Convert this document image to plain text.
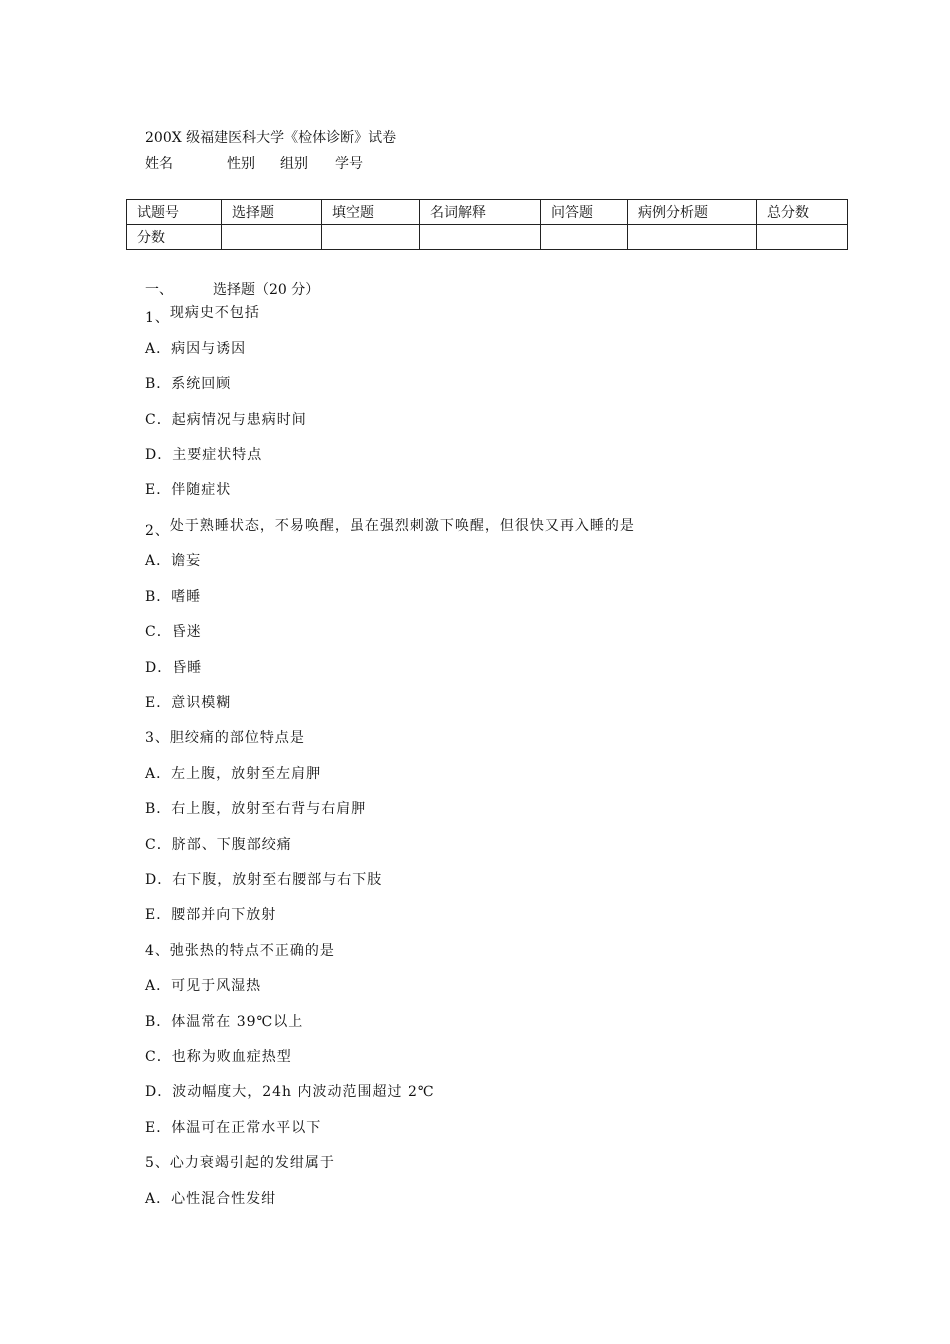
200X 级福建医科大学《检体诊断》试卷
姓名	性别 组别 学号
试题号	选择题	填空题	名词解释	问答题	病例分析题	总分数
分数						
一、	选择题（20 分）
1、现病史不包括
A．病因与诱因
B．系统回顾
C．起病情况与患病时间
D．主要症状特点
E．伴随症状
2、处于熟睡状态，不易唤醒，虽在强烈刺激下唤醒，但很快又再入睡的是
A．谵妄
B．嗜睡
C．昏迷
D．昏睡
E．意识模糊
3、胆绞痛的部位特点是
A．左上腹，放射至左肩胛
B．右上腹，放射至右背与右肩胛
C．脐部、下腹部绞痛
D．右下腹，放射至右腰部与右下肢
E．腰部并向下放射
4、弛张热的特点不正确的是
A．可见于风湿热
B．体温常在 39℃以上
C．也称为败血症热型
D．波动幅度大，24h 内波动范围超过 2℃
E．体温可在正常水平以下
5、心力衰竭引起的发绀属于
A．心性混合性发绀
